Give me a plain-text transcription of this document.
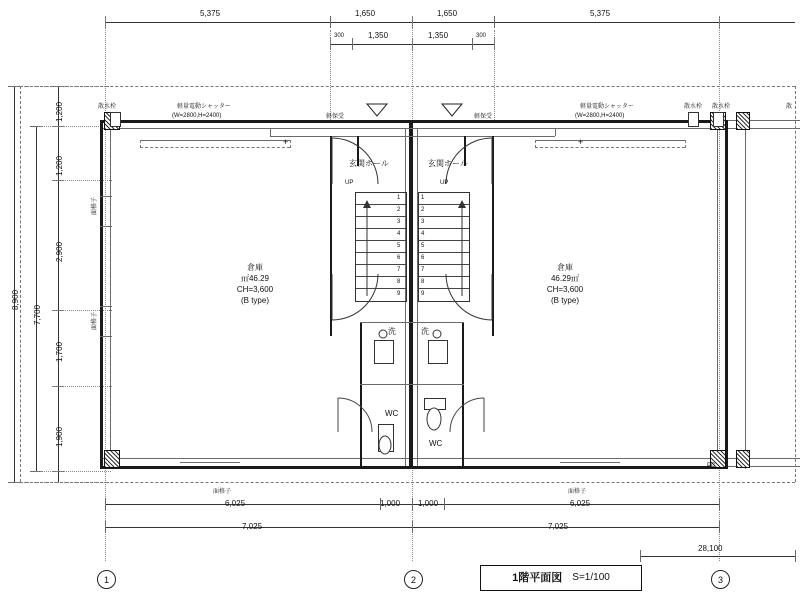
5,375	1,650	1,650	5,375
300	1,350	1,350	300
8,900
7,700
1,200
1,200
2,900
1,700
1,900
散水栓	軽量電動シャッター
(W=2800,H=2400)
軽量電動シャッター
(W=2800,H=2400)
散水栓 散水栓	散
軽保受	軽保受
+	+
玄関ホール	玄関ホール
UP	UP
1
2
3
4
5
6
7
8
9
1
2
3
4
5
6
7
8
9
洗	洗
WC
WC
倉庫
㎡46.29
CH=3,600
(B type)
倉庫
46.29㎡
CH=3,600
(B type)
面格子
面格子
面格子	面格子
PC
6,025	1,000 1,000	6,025
7,025	7,025
28,100
1	2	3
1階平面図 S=1/100
